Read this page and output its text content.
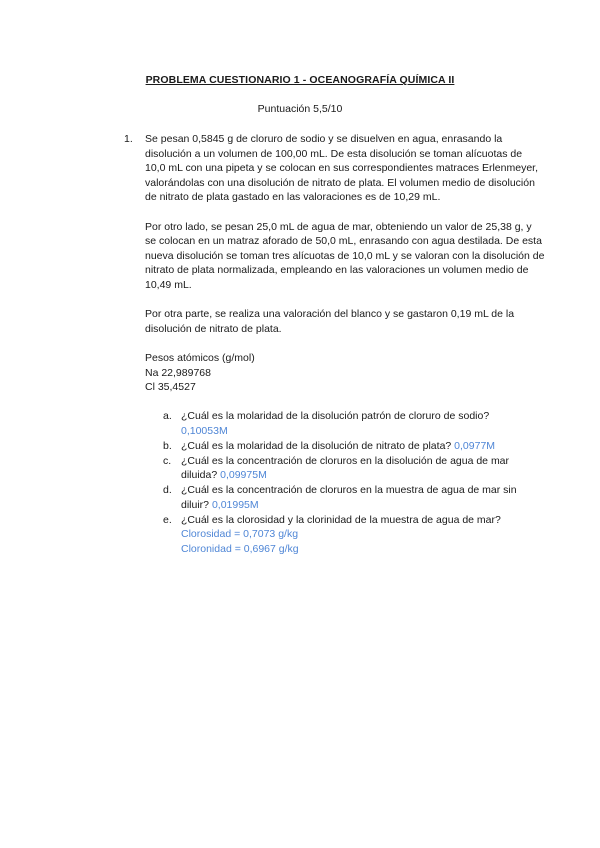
PROBLEMA CUESTIONARIO 1 - OCEANOGRAFÍA QUÍMICA II
Puntuación 5,5/10
1. Se pesan 0,5845 g de cloruro de sodio y se disuelven en agua, enrasando la disolución a un volumen de 100,00 mL. De esta disolución se toman alícuotas de 10,0 mL con una pipeta y se colocan en sus correspondientes matraces Erlenmeyer, valorándolas con una disolución de nitrato de plata. El volumen medio de disolución de nitrato de plata gastado en las valoraciones es de 10,29 mL.

Por otro lado, se pesan 25,0 mL de agua de mar, obteniendo un valor de 25,38 g, y se colocan en un matraz aforado de 50,0 mL, enrasando con agua destilada. De esta nueva disolución se toman tres alícuotas de 10,0 mL y se valoran con la disolución de nitrato de plata normalizada, empleando en las valoraciones un volumen medio de 10,49 mL.

Por otra parte, se realiza una valoración del blanco y se gastaron 0,19 mL de la disolución de nitrato de plata.

Pesos atómicos (g/mol)
Na 22,989768
Cl 35,4527
a. ¿Cuál es la molaridad de la disolución patrón de cloruro de sodio?
0,10053M
b. ¿Cuál es la molaridad de la disolución de nitrato de plata? 0,0977M
c. ¿Cuál es la concentración de cloruros en la disolución de agua de mar diluida? 0,09975M
d. ¿Cuál es la concentración de cloruros en la muestra de agua de mar sin diluir? 0,01995M
e. ¿Cuál es la clorosidad y la clorinidad de la muestra de agua de mar?
Clorosidad = 0,7073 g/kg
Cloronidad = 0,6967 g/kg
